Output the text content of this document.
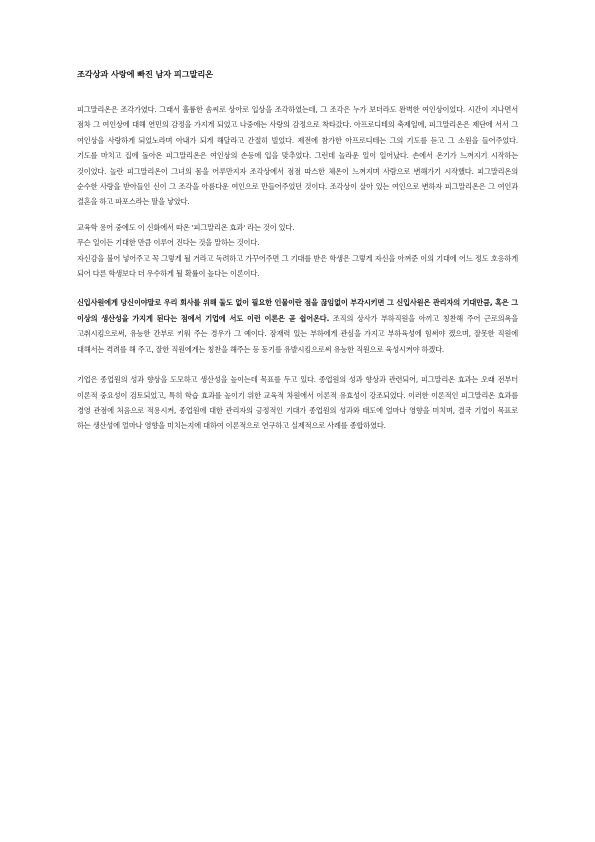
조각상과 사랑에 빠진 남자 피그말리온

피그말리온은 조각가였다. 그래서 훌륭한 솜씨로 상아로 입상을 조각하였는데, 그 조각은 누가 보더라도 완벽한 여인상이었다. 시간이 지나면서 점차 그 여인상에 대해 연민의 감정을 가지게 되었고 나중에는 사랑의 감정으로 착타갔다. 아프로디테의 축제일에, 피그말리온은 제단에 서서 그 여인상을 사랑하게 되었노라며 아내가 되게 해달라고 간절히 빌었다. 제전에 참가한 아프로디테는 그의 기도를 듣고 그 소원을 들어주었다. 기도를 마치고 집에 돌아온 피그말리온은 여인상의 손등에 입을 맞추었다. 그런데 놀라운 일이 일어났다. 손에서 온기가 느껴지기 시작하는 것이었다. 놀란 피그말리온이 그녀의 몸을 어루만지자 조각상에서 점점 따스한 체온이 느껴지며 사람으로 변해가기 시작했다. 피그말리온의 순수한 사랑을 받아들인 신이 그 조각을 아름다운 여인으로 만들어주었던 것이다. 조각상이 살아 있는 여인으로 변하자 피그말리온은 그 여인과 결혼을 하고 파포스라는 딸을 낳았다.

교육학 용어 중에도 이 신화에서 따온 '피그말리온 효과' 라는 것이 있다.

무슨 일이든 기대한 만큼 이루어 진다는 것을 말하는 것이다.

자신감을 불어 넣어주고 꼭 그렇게 될 거라고 독려하고 가꾸어주면 그 기대를 받은 학생은 그렇게 자신을 아껴준 이의 기대에 어느 정도 호응하게 되어 다른 학생보다 더 우수하게 될 확률이 높다는 이론이다.

신입사원에게 당신이야말로 우리 회사를 위해 둘도 없이 필요한 인물이란 점을 끊임없이 부각시키면 그 신입사원은 관리자의 기대만큼, 혹은 그 이상의 생산성을 가지게 된다는 점에서 기업에 서도 이런 이론은 곧 쉽어온다. 조직의 상사가 부하직원을 아끼고 칭찬해 주어 근로의욕을 고취시킴으로써, 유능한 간부로 키워 주는 경우가 그 예이다. 잠재력 있는 부하에게 관심을 가지고 부하육성에 힘써야 겠으며, 잘못한 직원에 대해서는 격려를 해 주고, 잘한 직원에게는 칭찬을 해주는 등 동기를 유발시킴으로써 유능한 직원으로 육성시켜야 하겠다.

기업은 종업원의 성과 향상을 도모하고 생산성을 높이는데 목표를 두고 있다. 종업원의 성과 향상과 관련되어, 피그말리온 효과는 오래 전부터 이론적 중요성이 검토되었고, 특히 학습 효과를 높이기 위한 교육적 차원에서 이론적 유효성이 강조되었다. 이러한 이론적인 피그말리온 효과를 경영 관점에 처음으로 적용시켜, 종업원에 대한 관리자의 긍정적인 기대가 종업원의 성과와 태도에 얼마나 영향을 미치며, 결국 기업이 목표로 하는 생산성에 얼마나 영향을 미치는지에 대하여 이론적으로 연구하고 실제적으로 사례를 종합하였다.
